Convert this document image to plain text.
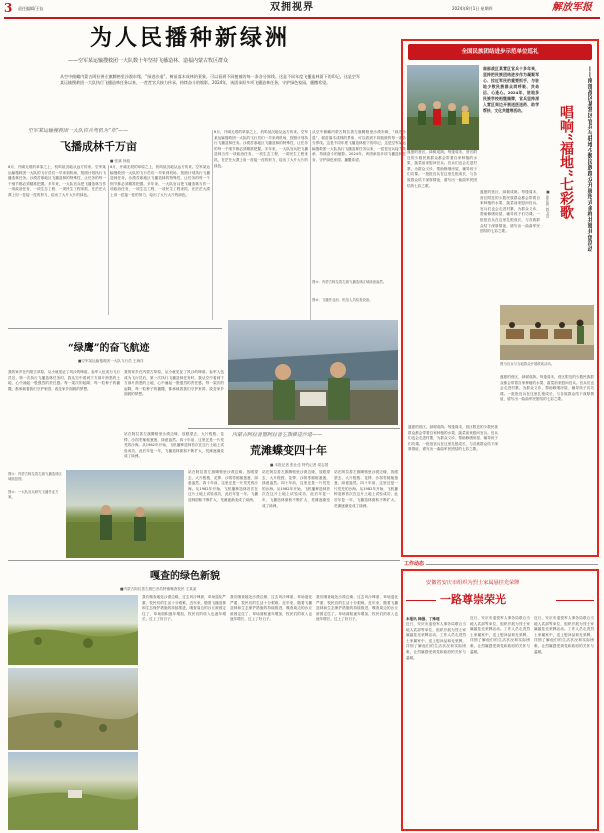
3 责任编辑/王钰	双拥视界	2024年8月1日 星期四	解放军报
为人民播种新绿洲
——空军某运输搜救团一大队数十年坚持飞播造林、造福内蒙古牧区群众
从空中俯瞰内蒙古阿拉善左旗腾格里沙漠东缘，“绿进沙退”，树苗落木成林的景象，可以看到不同植被的每一条各分界线。这是不同年度飞播造林留下的印记。这是空军某运输搜救团一大队执行飞播造林任务以来，一茬茬官兵接力传承、持续奋斗的缩影。2024年，该团承担多项飞播造林任务，守护绿色家园，播撒希望。
空军某运输搜救团一大队官兵驾机为“草”——
飞播成林千万亩
■ 张斌 徐振
6月，开阔无垠的草原之上，机鸣低沉地从远方传来。空军某运输搜救团一大队的飞行员们一早来到机场，按照计划执行飞播造林任务。沙漠苦寒地区飞播造林的特殊性，让任务的每一个细节都必须精准把握。多年来，一大队官兵把飞播造林当作一项政治任务、一项生态工程、一项民生工程来抓，在茫茫大漠上用一茬接一茬的努力，绘出了大片大片的绿色。
6月，开阔无垠的草原之上，机鸣低沉地从远方传来。空军某运输搜救团一大队的飞行员们一早来到机场，按照计划执行飞播造林任务。沙漠苦寒地区飞播造林的特殊性，让任务的每一个细节都必须精准把握。多年来，一大队官兵把飞播造林当作一项政治任务、一项生态工程、一项民生工程来抓，在茫茫大漠上用一茬接一茬的努力，绘出了大片大片的绿色。
6月，开阔无垠的草原之上，机鸣低沉地从远方传来。空军某运输搜救团一大队的飞行员们一早来到机场，按照计划执行飞播造林任务。沙漠苦寒地区飞播造林的特殊性，让任务的每一个细节都必须精准把握。多年来，一大队官兵把飞播造林当作一项政治任务、一项生态工程、一项民生工程来抓，在茫茫大漠上用一茬接一茬的努力，绘出了大片大片的绿色。
从空中俯瞰内蒙古阿拉善左旗腾格里沙漠东缘，“绿进沙退”，树苗落木成林的景象，可以看到不同植被的每一条各分界线。这是不同年度飞播造林留下的印记。这是空军某运输搜救团一大队执行飞播造林任务以来，一茬茬官兵接力传承、持续奋斗的缩影。2024年，该团承担多项飞播造林任务，守护绿色家园，播撒希望。
图③：内蒙古阿拉善左旗飞播造林区域绿意盎然。
图④：飞播作业前，机组人员检查设备。
全国民族团结进步示范单位巡礼
南部战区某营区官兵十多年来，坚持把民族团结进步作为凝聚军心、拉近军民的重要抓手，与驻地少数民族群众同呼吸、共命运、心连心。2024年，驻地多民族学校相继揭牌，官兵坚持深入营区周边开展送医送药、助学帮扶、文化共建等活动。	唱响“福地”七彩歌	——南部战区某营区官兵与驻地少数民族群众开展形式多样共建共创活动
■ 张志伟 郭玉洋
盛夏的营区，绿树成荫。每逢周末，营区附近的少数民族群众都会带着自家种植的水果、蔬菜前来慰问官兵。官兵们也会走进村寨，为群众义诊、帮助修缮房屋、辅导孩子们功课。一批批官兵在这里扎根成长，与各族群众结下深厚情谊，谱写出一曲曲军民团结的七彩之歌。
盛夏的营区，绿树成荫。每逢周末，营区附近的少数民族群众都会带着自家种植的水果、蔬菜前来慰问官兵。官兵们也会走进村寨，为群众义诊、帮助修缮房屋、辅导孩子们功课。一批批官兵在这里扎根成长，与各族群众结下深厚情谊，谱写出一曲曲军民团结的七彩之歌。
盛夏的营区，绿树成荫。每逢周末，营区附近的少数民族群众都会带着自家种植的水果、蔬菜前来慰问官兵。官兵们也会走进村寨，为群众义诊、帮助修缮房屋、辅导孩子们功课。一批批官兵在这里扎根成长，与各族群众结下深厚情谊，谱写出一曲曲军民团结的七彩之歌。
图为官兵与当地群众开展联欢活动。
盛夏的营区，绿树成荫。每逢周末，营区附近的少数民族群众都会带着自家种植的水果、蔬菜前来慰问官兵。官兵们也会走进村寨，为群众义诊、帮助修缮房屋、辅导孩子们功课。一批批官兵在这里扎根成长，与各族群众结下深厚情谊，谱写出一曲曲军民团结的七彩之歌。
“绿鹰”的奋飞航迹
■空军某运输搜救团一大队飞行员 王海洋
我的家乡在内蒙古草原，从小就见证了风沙的肆虐。参军入伍成为飞行员后，第一次执行飞播造林任务时，我从空中看到下方那片熟悉的土地，心中涌起一股强烈的责任感。每一架次的起降，每一粒种子的播撒，都承载着我们守护家园、改变家乡面貌的梦想。
我的家乡在内蒙古草原，从小就见证了风沙的肆虐。参军入伍成为飞行员后，第一次执行飞播造林任务时，我从空中看到下方那片熟悉的土地，心中涌起一股强烈的责任感。每一架次的起降，每一粒种子的播撒，都承载着我们守护家园、改变家乡面貌的梦想。
图①：内蒙古阿拉善左旗飞播造林区域航拍图。
图②：一大队官兵研究飞播作业方案。
内蒙古阿拉善盟阿拉善左旗推进沙退——
荒滩蝶变四十年
■ 本报记者 张仕佳 特约记者 梁志国
站在阿拉善左旗腾格里沙漠边缘，放眼望去，大片梭梭、花棒、沙拐枣郁郁葱葱，绿意盎然。四十年前，这里还是一片荒芜的沙海。从1982年开始，飞机播种造林首次在这片土地上试验成功，此后年复一年，飞播造林面积不断扩大，荒滩逐渐变成了绿洲。
站在阿拉善左旗腾格里沙漠边缘，放眼望去，大片梭梭、花棒、沙拐枣郁郁葱葱，绿意盎然。四十年前，这里还是一片荒芜的沙海。从1982年开始，飞机播种造林首次在这片土地上试验成功，此后年复一年，飞播造林面积不断扩大，荒滩逐渐变成了绿洲。
站在阿拉善左旗腾格里沙漠边缘，放眼望去，大片梭梭、花棒、沙拐枣郁郁葱葱，绿意盎然。四十年前，这里还是一片荒芜的沙海。从1982年开始，飞机播种造林首次在这片土地上试验成功，此后年复一年，飞播造林面积不断扩大，荒滩逐渐变成了绿洲。
站在阿拉善左旗腾格里沙漠边缘，放眼望去，大片梭梭、花棒、沙拐枣郁郁葱葱，绿意盎然。四十年前，这里还是一片荒芜的沙海。从1982年开始，飞机播种造林首次在这片土地上试验成功，此后年复一年，飞播造林面积不断扩大，荒滩逐渐变成了绿洲。
工作动态
嘎查的绿色新貌
■内蒙古阿拉善左旗巴彦浩特镇嘎查牧民 王某某
我们嘎查地处沙漠边缘，过去风沙肆虐，草场退化严重，牧民们的生活十分艰难。近年来，随着飞播造林和生态保护措施的持续推进，嘎查周边的沙丘被固定住了，草场面积逐年增加，牧民们的收入也逐年增长，过上了好日子。
我们嘎查地处沙漠边缘，过去风沙肆虐，草场退化严重，牧民们的生活十分艰难。近年来，随着飞播造林和生态保护措施的持续推进，嘎查周边的沙丘被固定住了，草场面积逐年增加，牧民们的收入也逐年增长，过上了好日子。
我们嘎查地处沙漠边缘，过去风沙肆虐，草场退化严重，牧民们的生活十分艰难。近年来，随着飞播造林和生态保护措施的持续推进，嘎查周边的沙丘被固定住了，草场面积逐年增加，牧民们的收入也逐年增长，过上了好日子。
安徽省安庆市组织为烈士家属悬挂光荣牌
一路尊崇荣光
本报讯 韩强、丁维瑶
近日，安庆市退役军人事务局联合当地人武部等单位，组织开展为烈士家属悬挂光荣牌活动。工作人员走进烈士家属家中，送上慰问品和光荣牌，详细了解他们的生活状况和实际困难，让烈属感受到党和政府的关怀与温暖。
近日，安庆市退役军人事务局联合当地人武部等单位，组织开展为烈士家属悬挂光荣牌活动。工作人员走进烈士家属家中，送上慰问品和光荣牌，详细了解他们的生活状况和实际困难，让烈属感受到党和政府的关怀与温暖。
近日，安庆市退役军人事务局联合当地人武部等单位，组织开展为烈士家属悬挂光荣牌活动。工作人员走进烈士家属家中，送上慰问品和光荣牌，详细了解他们的生活状况和实际困难，让烈属感受到党和政府的关怀与温暖。
